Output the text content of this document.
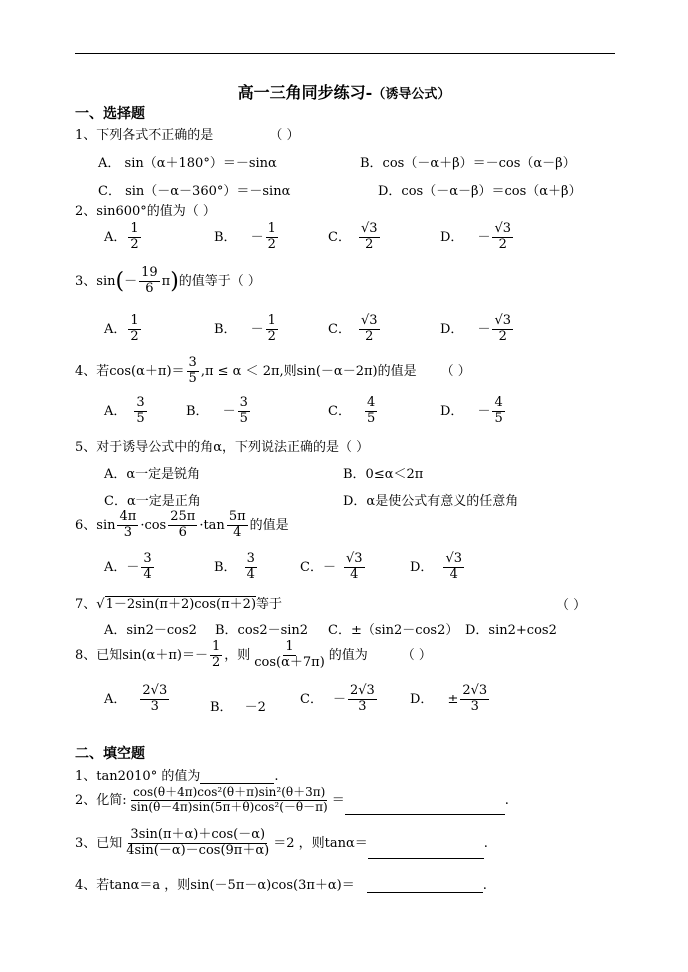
高一三角同步练习-（诱导公式）
一、选择题
1、下列各式不正确的是	（ ）
A． sin（α＋180°）＝－sinα	B．cos（－α＋β）＝－cos（α－β）
C． sin（－α－360°）＝－sinα	D．cos（－α－β）＝cos（α＋β）
2、sin600°的值为（ ）
A． $\frac{1}{2}$	B． － $\frac{1}{2}$	C． $\frac{√3}{2}$	D． － $\frac{√3}{2}$
3、$\sin(- \frac{19}{6} \pi)$的值等于（ ）
A． $\frac{1}{2}$	B． － $\frac{1}{2}$	C． $\frac{√3}{2}$	D． － $\frac{√3}{2}$
4、若$\cos(\alpha+\pi)= \frac{3}{5} ,\pi \le \alpha < 2\pi$,则sin(－α－2π)的值是 （ ）
A． $\frac{3}{5}$	B． － $\frac{3}{5}$	C． $\frac{4}{5}$	D． － $\frac{4}{5}$
5、对于诱导公式中的角α，下列说法正确的是（ ）
A．α一定是锐角	B．0≤α＜2π
C．α一定是正角	D．α是使公式有意义的任意角
6、$\sin \frac{4\pi}{3} \cdot\cos \frac{25\pi}{6} \cdot\tan \frac{5\pi}{4}$ 的值是
A．－ $\frac{3}{4}$	B． $\frac{3}{4}$	C．－ $\frac{√3}{4}$	D． $\frac{√3}{4}$
7、√1－2sin(π＋2)cos(π＋2)等于	（ ）
A．sin2－cos2 B．cos2－sin2 C．±（sin2－cos2） D．sin2+cos2
8、已知$\sin(\alpha+\pi)=- \frac{1}{2}$ ，则 $\frac{1}{\cos(\alpha+7\pi)}$ 的值为	（ ）
A． $\frac{2√3}{3}$	B． －2
C． － $\frac{2√3}{3}$	D． ± $\frac{2√3}{3}$
二、填空题
1、tan2010° 的值为	.
2、化简: $\frac{\text{cos(θ＋4π)cos²(θ＋π)sin²(θ＋3π)}}{\text{sin(θ－4π)sin(5π＋θ)cos²(－θ－π)}}$ ＝	.
3、已知 $\frac{3\sin(\pi+\alpha)+\cos(-\alpha)}{4\sin(-\alpha)-\cos(9\pi+\alpha)} =2$ ，则tanα＝	.
4、若tanα＝a ，则sin(－5π－α)cos(3π＋α)＝	.
